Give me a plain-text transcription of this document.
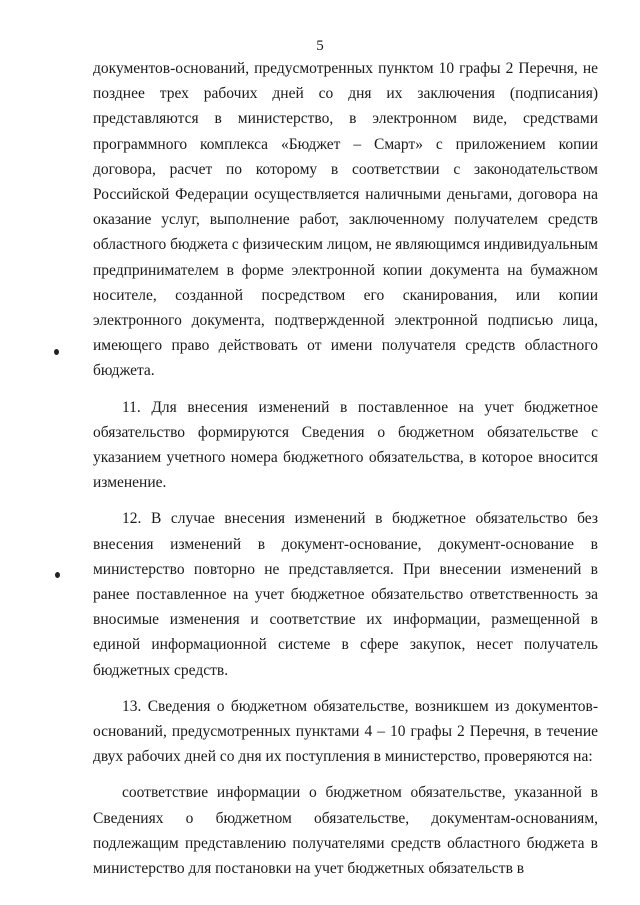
5

документов-оснований, предусмотренных пунктом 10 графы 2 Перечня, не позднее трех рабочих дней со дня их заключения (подписания) представляются в министерство, в электронном виде, средствами программного комплекса «Бюджет – Смарт» с приложением копии договора, расчет по которому в соответствии с законодательством Российской Федерации осуществляется наличными деньгами, договора на оказание услуг, выполнение работ, заключенному получателем средств областного бюджета с физическим лицом, не являющимся индивидуальным предпринимателем в форме электронной копии документа на бумажном носителе, созданной посредством его сканирования, или копии электронного документа, подтвержденной электронной подписью лица, имеющего право действовать от имени получателя средств областного бюджета.

11. Для внесения изменений в поставленное на учет бюджетное обязательство формируются Сведения о бюджетном обязательстве с указанием учетного номера бюджетного обязательства, в которое вносится изменение.

12. В случае внесения изменений в бюджетное обязательство без внесения изменений в документ-основание, документ-основание в министерство повторно не представляется. При внесении изменений в ранее поставленное на учет бюджетное обязательство ответственность за вносимые изменения и соответствие их информации, размещенной в единой информационной системе в сфере закупок, несет получатель бюджетных средств.

13. Сведения о бюджетном обязательстве, возникшем из документов-оснований, предусмотренных пунктами 4 – 10 графы 2 Перечня, в течение двух рабочих дней со дня их поступления в министерство, проверяются на:

соответствие информации о бюджетном обязательстве, указанной в Сведениях о бюджетном обязательстве, документам-основаниям, подлежащим представлению получателями средств областного бюджета в министерство для постановки на учет бюджетных обязательств в
